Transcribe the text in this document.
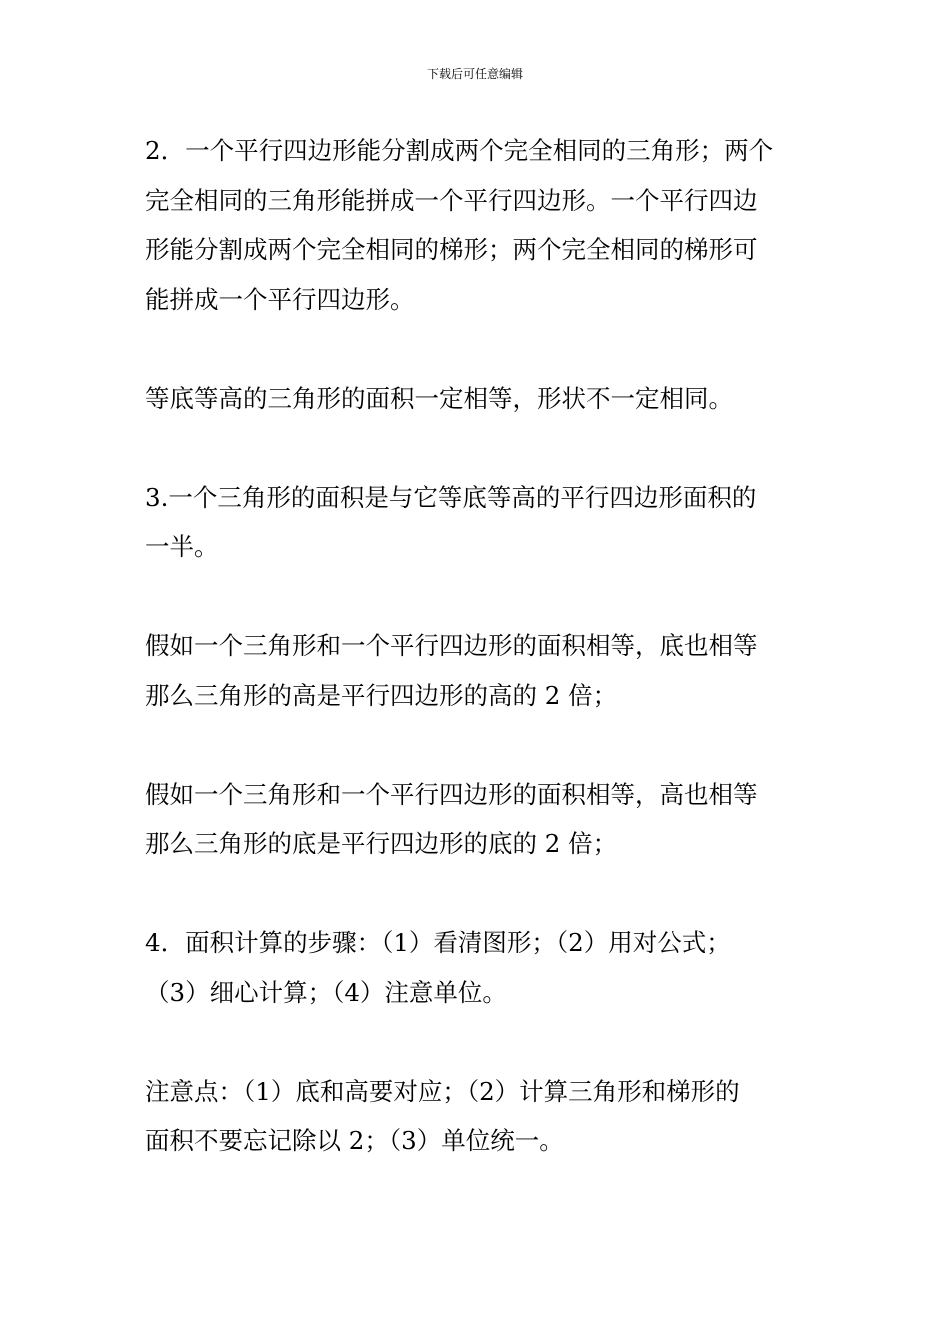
下载后可任意编辑
2．一个平行四边形能分割成两个完全相同的三角形；两个
完全相同的三角形能拼成一个平行四边形。一个平行四边
形能分割成两个完全相同的梯形；两个完全相同的梯形可
能拼成一个平行四边形。
等底等高的三角形的面积一定相等，形状不一定相同。
3.一个三角形的面积是与它等底等高的平行四边形面积的
一半。
假如一个三角形和一个平行四边形的面积相等，底也相等
那么三角形的高是平行四边形的高的 2 倍；
假如一个三角形和一个平行四边形的面积相等，高也相等
那么三角形的底是平行四边形的底的 2 倍；
4．面积计算的步骤：（1）看清图形；（2）用对公式；
（3）细心计算；（4）注意单位。
注意点：（1）底和高要对应；（2）计算三角形和梯形的
面积不要忘记除以 2；（3）单位统一。
